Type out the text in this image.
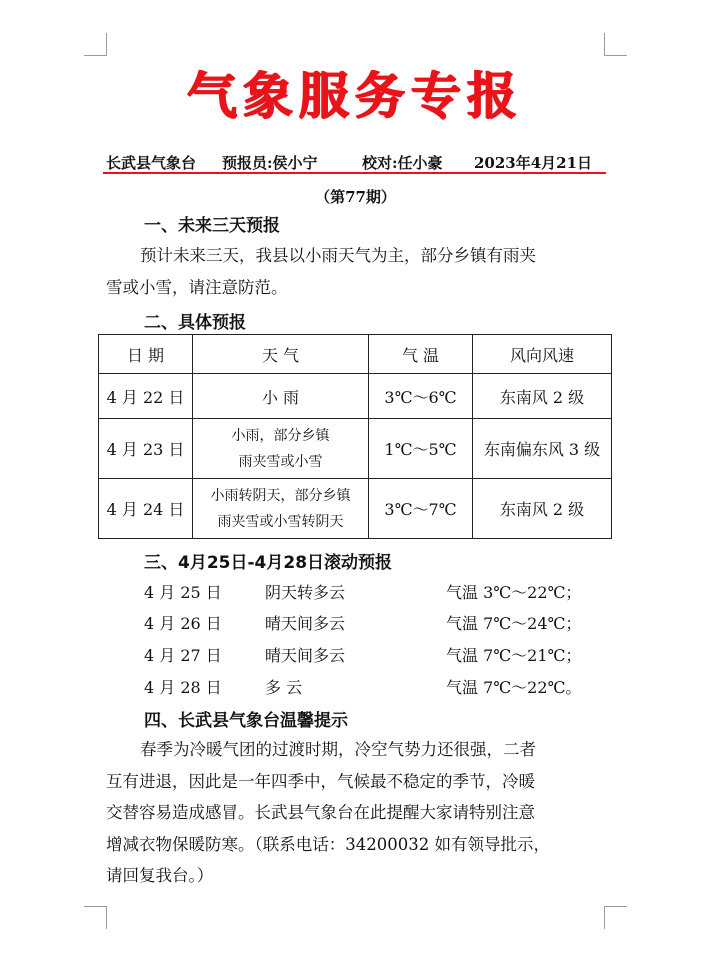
气象服务专报
长武县气象台 预报员:侯小宁	校对:任小豪 2023年4月21日
（第77期）
一、未来三天预报
预计未来三天，我县以小雨天气为主，部分乡镇有雨夹
雪或小雪，请注意防范。
二、具体预报
日 期	天 气	气 温	风向风速
4 月 22 日	小 雨	3℃～6℃	东南风 2 级
4 月 23 日	小雨，部分乡镇
雨夹雪或小雪	1℃～5℃	东南偏东风 3 级
4 月 24 日	小雨转阴天，部分乡镇
雨夹雪或小雪转阴天	3℃～7℃	东南风 2 级
三、4月25日-4月28日滚动预报
4 月 25 日	阴天转多云	气温 3℃～22℃；
4 月 26 日	晴天间多云	气温 7℃～24℃；
4 月 27 日	晴天间多云	气温 7℃～21℃；
4 月 28 日	多 云	气温 7℃～22℃。
四、长武县气象台温馨提示
春季为冷暖气团的过渡时期，冷空气势力还很强，二者
互有进退，因此是一年四季中，气候最不稳定的季节，冷暖
交替容易造成感冒。长武县气象台在此提醒大家请特别注意
增减衣物保暖防寒。（联系电话：34200032 如有领导批示，
请回复我台。）
